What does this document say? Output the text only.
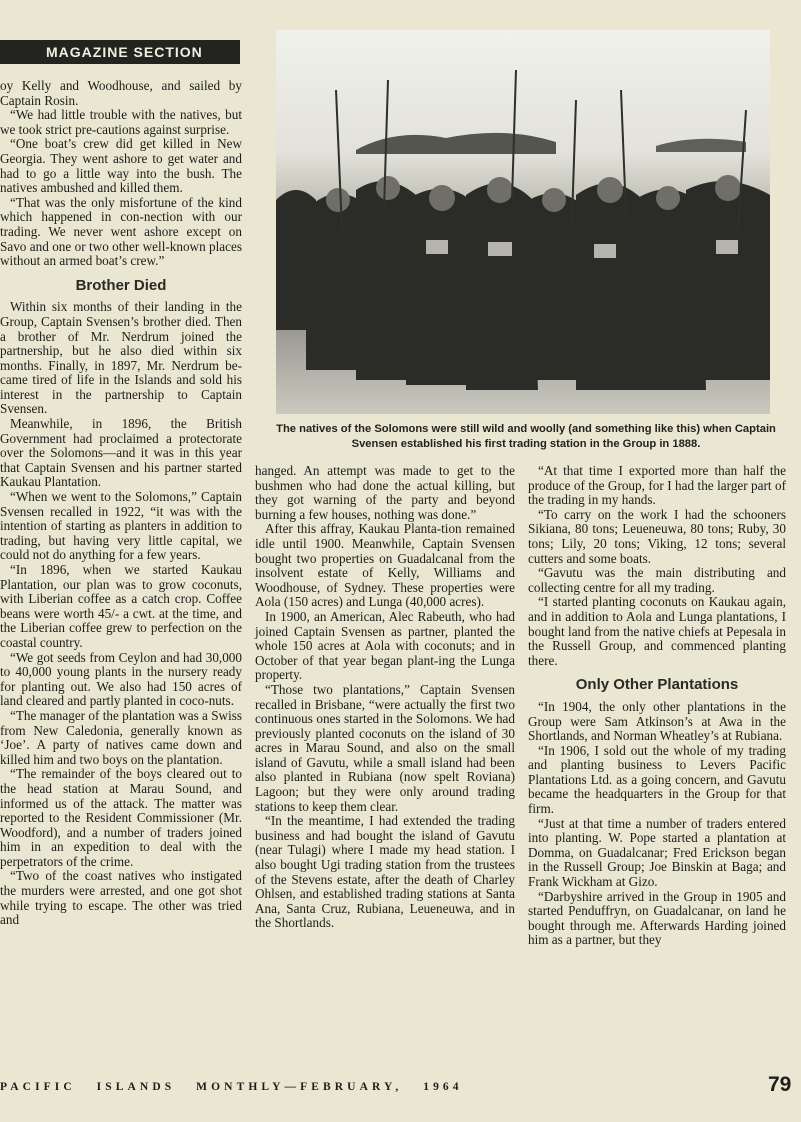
MAGAZINE SECTION

oy Kelly and Woodhouse, and sailed by Captain Rosin.

“We had little trouble with the natives, but we took strict pre-cautions against surprise.

“One boat’s crew did get killed in New Georgia. They went ashore to get water and had to go a little way into the bush. The natives ambushed and killed them.

“That was the only misfortune of the kind which happened in con-nection with our trading. We never went ashore except on Savo and one or two other well-known places without an armed boat’s crew.”

Brother Died

Within six months of their landing in the Group, Captain Svensen’s brother died. Then a brother of Mr. Nerdrum joined the partnership, but he also died within six months. Finally, in 1897, Mr. Nerdrum be-came tired of life in the Islands and sold his interest in the partnership to Captain Svensen.

Meanwhile, in 1896, the British Government had proclaimed a protectorate over the Solomons—and it was in this year that Captain Svensen and his partner started Kaukau Plantation.

“When we went to the Solomons,” Captain Svensen recalled in 1922, “it was with the intention of starting as planters in addition to trading, but having very little capital, we could not do anything for a few years.

“In 1896, when we started Kaukau Plantation, our plan was to grow coconuts, with Liberian coffee as a catch crop. Coffee beans were worth 45/- a cwt. at the time, and the Liberian coffee grew to perfection on the coastal country.

“We got seeds from Ceylon and had 30,000 to 40,000 young plants in the nursery ready for planting out. We also had 150 acres of land cleared and partly planted in coco-nuts.

“The manager of the plantation was a Swiss from New Caledonia, generally known as ‘Joe’. A party of natives came down and killed him and two boys on the plantation.

“The remainder of the boys cleared out to the head station at Marau Sound, and informed us of the attack. The matter was reported to the Resident Commissioner (Mr. Woodford), and a number of traders joined him in an expedition to deal with the perpetrators of the crime.

“Two of the coast natives who instigated the murders were arrested, and one got shot while trying to escape. The other was tried and

The natives of the Solomons were still wild and woolly (and something like this) when Captain Svensen established his first trading station in the Group in 1888.

hanged. An attempt was made to get to the bushmen who had done the actual killing, but they got warning of the party and beyond burning a few houses, nothing was done.”

After this affray, Kaukau Planta-tion remained idle until 1900. Meanwhile, Captain Svensen bought two properties on Guadalcanal from the insolvent estate of Kelly, Williams and Woodhouse, of Sydney. These properties were Aola (150 acres) and Lunga (40,000 acres).

In 1900, an American, Alec Rabeuth, who had joined Captain Svensen as partner, planted the whole 150 acres at Aola with coconuts; and in October of that year began plant-ing the Lunga property.

“Those two plantations,” Captain Svensen recalled in Brisbane, “were actually the first two continuous ones started in the Solomons. We had previously planted coconuts on the island of 30 acres in Marau Sound, and also on the small island of Gavutu, while a small island had been also planted in Rubiana (now spelt Roviana) Lagoon; but they were only around trading stations to keep them clear.

“In the meantime, I had extended the trading business and had bought the island of Gavutu (near Tulagi) where I made my head station. I also bought Ugi trading station from the trustees of the Stevens estate, after the death of Charley Ohlsen, and established trading stations at Santa Ana, Santa Cruz, Rubiana, Leueneuwa, and in the Shortlands.

“At that time I exported more than half the produce of the Group, for I had the larger part of the trading in my hands.

“To carry on the work I had the schooners Sikiana, 80 tons; Leueneuwa, 80 tons; Ruby, 30 tons; Lily, 20 tons; Viking, 12 tons; several cutters and some boats.

“Gavutu was the main distributing and collecting centre for all my trading.

“I started planting coconuts on Kaukau again, and in addition to Aola and Lunga plantations, I bought land from the native chiefs at Pepesala in the Russell Group, and commenced planting there.

Only Other Plantations

“In 1904, the only other plantations in the Group were Sam Atkinson’s at Awa in the Shortlands, and Norman Wheatley’s at Rubiana.

“In 1906, I sold out the whole of my trading and planting business to Levers Pacific Plantations Ltd. as a going concern, and Gavutu became the headquarters in the Group for that firm.

“Just at that time a number of traders entered into planting. W. Pope started a plantation at Domma, on Guadalcanar; Fred Erickson began in the Russell Group; Joe Binskin at Baga; and Frank Wickham at Gizo.

“Darbyshire arrived in the Group in 1905 and started Penduffryn, on Guadalcanar, on land he bought through me. Afterwards Harding joined him as a partner, but they

PACIFIC   ISLANDS   MONTHLY—FEBRUARY,   1964	79
